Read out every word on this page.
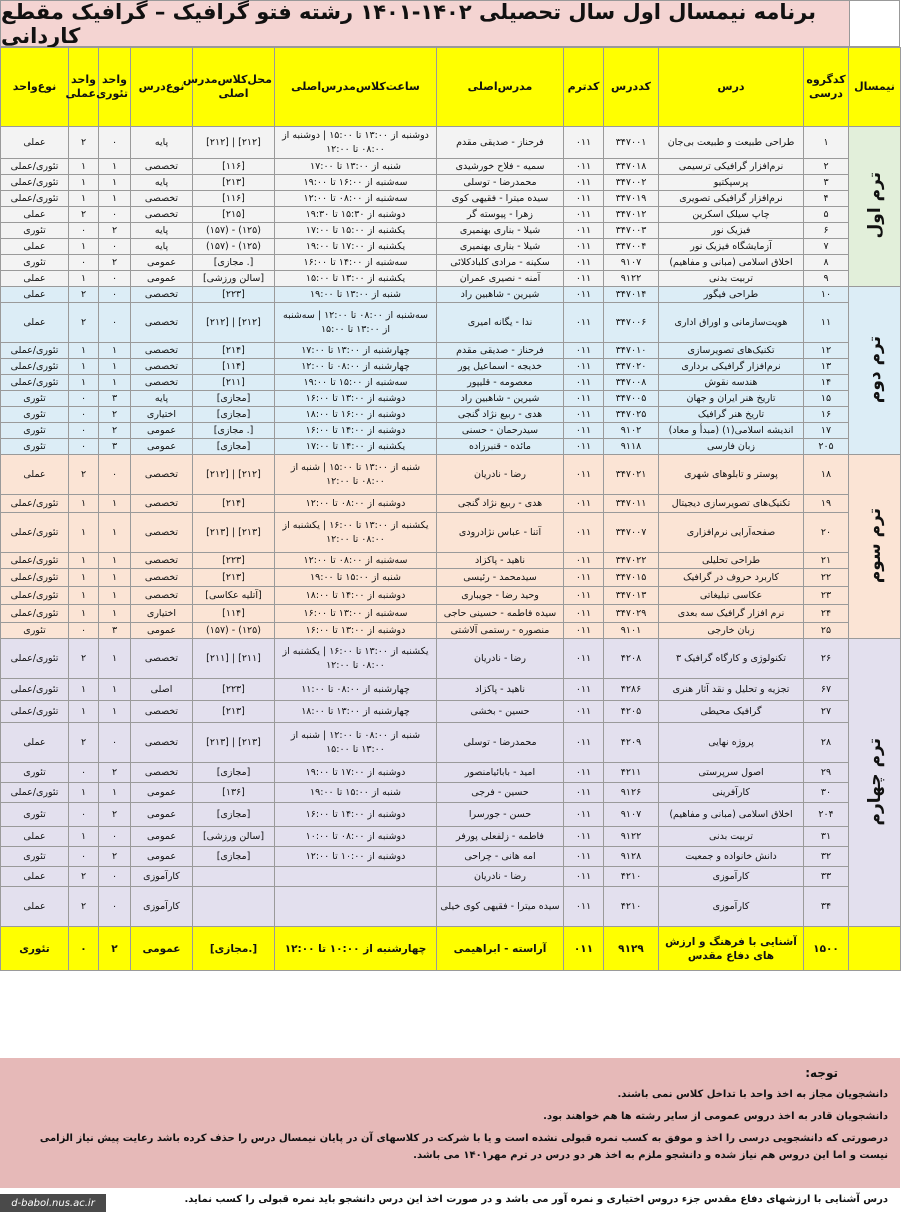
برنامه نیمسال اول سال تحصیلی ۱۴۰۲-۱۴۰۱ رشته فتو گرافیک – گرافیک مقطع کاردانی
نیمسال	کدگروه درسی	درس	کددرس	کدترم	مدرس‌اصلی	ساعت‌کلاس‌مدرس‌اصلی	محل‌کلاس‌مدرس اصلی	نوع‌درس	واحد تئوری	واحد عملی	نوع‌واحد
ترم اول	۱	طراحی طبیعت و طبیعت بی‌جان	۳۴۷۰۰۱	۰۱۱	فرحناز - صدیقی مقدم	دوشنبه از ۱۳:۰۰ تا ۱۵:۰۰ | دوشنبه از ۰۸:۰۰ تا ۱۲:۰۰	[۲۱۲] | [۲۱۲]	پایه	۰	۲	عملی
	۲	نرم‌افزار گرافیکی ترسیمی	۳۴۷۰۱۸	۰۱۱	سمیه - فلاح خورشیدی	شنبه از ۱۳:۰۰ تا ۱۷:۰۰	[۱۱۶]	تخصصی	۱	۱	تئوری/عملی
	۳	پرسپکتیو	۳۴۷۰۰۲	۰۱۱	محمدرضا - توسلی	سه‌شنبه از ۱۶:۰۰ تا ۱۹:۰۰	[۲۱۳]	پایه	۱	۱	تئوری/عملی
	۴	نرم‌افزار گرافیکی تصویری	۳۴۷۰۱۹	۰۱۱	سیده میترا - فقیهی کوی	سه‌شنبه از ۰۸:۰۰ تا ۱۲:۰۰	[۱۱۶]	تخصصی	۱	۱	تئوری/عملی
	۵	چاپ سیلک اسکرین	۳۴۷۰۱۲	۰۱۱	زهرا - پیوسته گر	دوشنبه از ۱۵:۳۰ تا ۱۹:۳۰	[۲۱۵]	تخصصی	۰	۲	عملی
	۶	فیزیک نور	۳۴۷۰۰۳	۰۱۱	شیلا - بناری بهنمیری	یکشنبه از ۱۵:۰۰ تا ۱۷:۰۰	(۱۲۵) - (۱۵۷)	پایه	۲	۰	تئوری
	۷	آزمایشگاه فیزیک نور	۳۴۷۰۰۴	۰۱۱	شیلا - بناری بهنمیری	یکشنبه از ۱۷:۰۰ تا ۱۹:۰۰	(۱۲۵) - (۱۵۷)	پایه	۰	۱	عملی
	۸	اخلاق اسلامی (مبانی و مفاهیم)	۹۱۰۷	۰۱۱	سکینه - مرادی کلبادکلائی	سه‌شنبه از ۱۴:۰۰ تا ۱۶:۰۰	[. مجازی]	عمومی	۲	۰	تئوری
	۹	تربیت بدنی	۹۱۲۲	۰۱۱	آمنه - نصیری عمران	یکشنبه از ۱۳:۰۰ تا ۱۵:۰۰	[سالن ورزشی]	عمومی	۰	۱	عملی
ترم دوم	۱۰	طراحی فیگور	۳۴۷۰۱۴	۰۱۱	شیرین - شاهبین راد	شنبه از ۱۳:۰۰ تا ۱۹:۰۰	[۲۲۳]	تخصصی	۰	۲	عملی
	۱۱	هویت‌سازمانی و اوراق اداری	۳۴۷۰۰۶	۰۱۱	ندا - یگانه امیری	سه‌شنبه از ۰۸:۰۰ تا ۱۲:۰۰ | سه‌شنبه از ۱۳:۰۰ تا ۱۵:۰۰	[۲۱۲] | [۲۱۲]	تخصصی	۰	۲	عملی
	۱۲	تکنیک‌های تصویرسازی	۳۴۷۰۱۰	۰۱۱	فرحناز - صدیقی مقدم	چهارشنبه از ۱۳:۰۰ تا ۱۷:۰۰	[۲۱۴]	تخصصی	۱	۱	تئوری/عملی
	۱۳	نرم‌افزار گرافیکی برداری	۳۴۷۰۲۰	۰۱۱	خدیجه - اسماعیل پور	چهارشنبه از ۰۸:۰۰ تا ۱۲:۰۰	[۱۱۴]	تخصصی	۱	۱	تئوری/عملی
	۱۴	هندسه نقوش	۳۴۷۰۰۸	۰۱۱	معصومه - قلیپور	سه‌شنبه از ۱۵:۰۰ تا ۱۹:۰۰	[۲۱۱]	تخصصی	۱	۱	تئوری/عملی
	۱۵	تاریخ هنر ایران و جهان	۳۴۷۰۰۵	۰۱۱	شیرین - شاهبین راد	دوشنبه از ۱۳:۰۰ تا ۱۶:۰۰	[مجازی]	پایه	۳	۰	تئوری
	۱۶	تاریخ هنر گرافیک	۳۴۷۰۲۵	۰۱۱	هدی - ربیع نژاد گنجی	دوشنبه از ۱۶:۰۰ تا ۱۸:۰۰	[مجازی]	اختیاری	۲	۰	تئوری
	۱۷	اندیشه اسلامی(۱) (مبدأ و معاد)	۹۱۰۲	۰۱۱	سیدرحمان - حسنی	دوشنبه از ۱۴:۰۰ تا ۱۶:۰۰	[. مجازی]	عمومی	۲	۰	تئوری
	۲۰۵	زبان فارسی	۹۱۱۸	۰۱۱	مائده - قنبرزاده	یکشنبه از ۱۴:۰۰ تا ۱۷:۰۰	[مجازی]	عمومی	۳	۰	تئوری
ترم سوم	۱۸	پوستر و تابلوهای شهری	۳۴۷۰۲۱	۰۱۱	رضا - نادریان	شنبه از ۱۳:۰۰ تا ۱۵:۰۰ | شنبه از ۰۸:۰۰ تا ۱۲:۰۰	[۲۱۲] | [۲۱۲]	تخصصی	۰	۲	عملی
	۱۹	تکنیک‌های تصویرسازی دیجیتال	۳۴۷۰۱۱	۰۱۱	هدی - ربیع نژاد گنجی	دوشنبه از ۰۸:۰۰ تا ۱۲:۰۰	[۲۱۴]	تخصصی	۱	۱	تئوری/عملی
	۲۰	صفحه‌آرایی نرم‌افزاری	۳۴۷۰۰۷	۰۱۱	آتنا - عباس نژادرودی	یکشنبه از ۱۳:۰۰ تا ۱۶:۰۰ | یکشنبه از ۰۸:۰۰ تا ۱۲:۰۰	[۲۱۳] | [۲۱۳]	تخصصی	۱	۱	تئوری/عملی
	۲۱	طراحی تحلیلی	۳۴۷۰۲۲	۰۱۱	ناهید - پاکزاد	سه‌شنبه از ۰۸:۰۰ تا ۱۲:۰۰	[۲۲۳]	تخصصی	۱	۱	تئوری/عملی
	۲۲	کاربرد حروف در گرافیک	۳۴۷۰۱۵	۰۱۱	سیدمحمد - رئیسی	شنبه از ۱۵:۰۰ تا ۱۹:۰۰	[۲۱۳]	تخصصی	۱	۱	تئوری/عملی
	۲۳	عکاسی تبلیغاتی	۳۴۷۰۱۳	۰۱۱	وحید رضا - جویباری	دوشنبه از ۱۴:۰۰ تا ۱۸:۰۰	[آتلیه عکاسی]	تخصصی	۱	۱	تئوری/عملی
	۲۴	نرم افزار گرافیک سه بعدی	۳۴۷۰۲۹	۰۱۱	سیده فاطمه - حسینی حاجی	سه‌شنبه از ۱۳:۰۰ تا ۱۶:۰۰	[۱۱۴]	اختیاری	۱	۱	تئوری/عملی
	۲۵	زبان خارجی	۹۱۰۱	۰۱۱	منصوره - رستمی آلاشتی	دوشنبه از ۱۳:۰۰ تا ۱۶:۰۰	(۱۲۵) - (۱۵۷)	عمومی	۳	۰	تئوری
ترم چهارم	۲۶	تکنولوژی و کارگاه گرافیک ۳	۴۲۰۸	۰۱۱	رضا - نادریان	یکشنبه از ۱۳:۰۰ تا ۱۶:۰۰ | یکشنبه از ۰۸:۰۰ تا ۱۲:۰۰	[۲۱۱] | [۲۱۱]	تخصصی	۱	۲	تئوری/عملی
	۶۷	تجزیه و تحلیل و نقد آثار هنری	۴۲۸۶	۰۱۱	ناهید - پاکزاد	چهارشنبه از ۰۸:۰۰ تا ۱۱:۰۰	[۲۲۳]	اصلی	۱	۱	تئوری/عملی
	۲۷	گرافیک محیطی	۴۲۰۵	۰۱۱	حسین - بخشی	چهارشنبه از ۱۳:۰۰ تا ۱۸:۰۰	[۲۱۳]	تخصصی	۱	۱	تئوری/عملی
	۲۸	پروژه نهایی	۴۲۰۹	۰۱۱	محمدرضا - توسلی	شنبه از ۰۸:۰۰ تا ۱۲:۰۰ | شنبه از ۱۳:۰۰ تا ۱۵:۰۰	[۲۱۳] | [۲۱۳]	تخصصی	۰	۲	عملی
	۲۹	اصول سرپرستی	۴۲۱۱	۰۱۱	امید - بابائیامنصور	دوشنبه از ۱۷:۰۰ تا ۱۹:۰۰	[مجازی]	تخصصی	۲	۰	تئوری
	۳۰	کارآفرینی	۹۱۲۶	۰۱۱	حسین - فرجی	شنبه از ۱۵:۰۰ تا ۱۹:۰۰	[۱۳۶]	عمومی	۱	۱	تئوری/عملی
	۲۰۴	اخلاق اسلامی (مبانی و مفاهیم)	۹۱۰۷	۰۱۱	حسن - جورسرا	دوشنبه از ۱۴:۰۰ تا ۱۶:۰۰	[مجازی]	عمومی	۲	۰	تئوری
	۳۱	تربیت بدنی	۹۱۲۲	۰۱۱	فاطمه - زلفعلی پورفر	دوشنبه از ۰۸:۰۰ تا ۱۰:۰۰	[سالن ورزشی]	عمومی	۰	۱	عملی
	۳۲	دانش خانواده و جمعیت	۹۱۲۸	۰۱۱	امه هانی - چراحی	دوشنبه از ۱۰:۰۰ تا ۱۲:۰۰	[مجازی]	عمومی	۲	۰	تئوری
	۳۳	کارآموزی	۴۲۱۰	۰۱۱	رضا - نادریان			کارآموزی	۰	۲	عملی
	۳۴	کارآموزی	۴۲۱۰	۰۱۱	سیده میترا - فقیهی کوی خیلی			کارآموزی	۰	۲	عملی
	۱۵۰۰	آشنایی با فرهنگ و ارزش های دفاع مقدس	۹۱۲۹	۰۱۱	آراسته - ابراهیمی	چهارشنبه از ۱۰:۰۰ تا ۱۲:۰۰	[.مجازی]	عمومی	۲	۰	تئوری
توجه:

دانشجویان مجاز به اخذ واحد با تداخل کلاس نمی باشند.

دانشجویان قادر به اخذ دروس عمومی از سایر رشته ها هم خواهند بود.

درصورتی که دانشجویی درسی را اخذ و موفق به کسب نمره قبولی نشده است و یا با شرکت در کلاسهای آن در پایان نیمسال درس را حذف کرده باشد رعایت پیش نیاز الزامی نیست و اما این دروس هم نیاز شده و دانشجو ملزم به اخذ هر دو درس در ترم مهر۱۴۰۱ می باشد.

درس آشنایی با ارزشهای دفاع مقدس جزء دروس اختیاری و نمره آور می باشد و در صورت اخذ این درس دانشجو باید نمره قبولی را کسب نماید.
d-babol.nus.ac.ir
